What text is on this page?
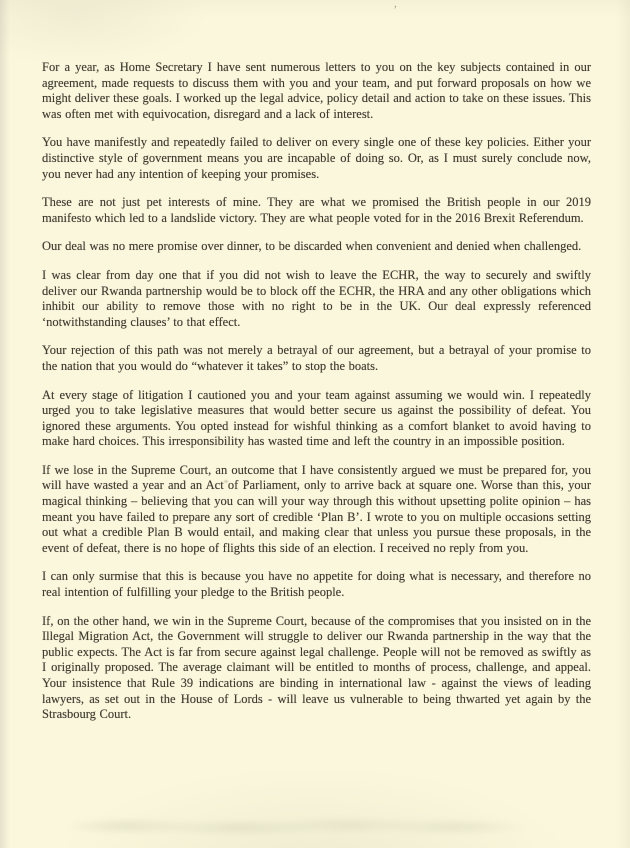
’

For a year, as Home Secretary I have sent numerous letters to you on the key subjects contained in our agreement, made requests to discuss them with you and your team, and put forward proposals on how we might deliver these goals. I worked up the legal advice, policy detail and action to take on these issues. This was often met with equivocation, disregard and a lack of interest.

You have manifestly and repeatedly failed to deliver on every single one of these key policies. Either your distinctive style of government means you are incapable of doing so. Or, as I must surely conclude now, you never had any intention of keeping your promises.

These are not just pet interests of mine. They are what we promised the British people in our 2019 manifesto which led to a landslide victory. They are what people voted for in the 2016 Brexit Referendum.

Our deal was no mere promise over dinner, to be discarded when convenient and denied when challenged.

I was clear from day one that if you did not wish to leave the ECHR, the way to securely and swiftly deliver our Rwanda partnership would be to block off the ECHR, the HRA and any other obligations which inhibit our ability to remove those with no right to be in the UK. Our deal expressly referenced ‘notwithstanding clauses’ to that effect.

Your rejection of this path was not merely a betrayal of our agreement, but a betrayal of your promise to the nation that you would do “whatever it takes” to stop the boats.

At every stage of litigation I cautioned you and your team against assuming we would win. I repeatedly urged you to take legislative measures that would better secure us against the possibility of defeat. You ignored these arguments. You opted instead for wishful thinking as a comfort blanket to avoid having to make hard choices. This irresponsibility has wasted time and left the country in an impossible position.

If we lose in the Supreme Court, an outcome that I have consistently argued we must be prepared for, you will have wasted a year and an Act of Parliament, only to arrive back at square one. Worse than this, your magical thinking – believing that you can will your way through this without upsetting polite opinion – has meant you have failed to prepare any sort of credible ‘Plan B’. I wrote to you on multiple occasions setting out what a credible Plan B would entail, and making clear that unless you pursue these proposals, in the event of defeat, there is no hope of flights this side of an election. I received no reply from you.

I can only surmise that this is because you have no appetite for doing what is necessary, and therefore no real intention of fulfilling your pledge to the British people.

If, on the other hand, we win in the Supreme Court, because of the compromises that you insisted on in the Illegal Migration Act, the Government will struggle to deliver our Rwanda partnership in the way that the public expects. The Act is far from secure against legal challenge. People will not be removed as swiftly as I originally proposed. The average claimant will be entitled to months of process, challenge, and appeal. Your insistence that Rule 39 indications are binding in international law - against the views of leading lawyers, as set out in the House of Lords - will leave us vulnerable to being thwarted yet again by the Strasbourg Court.
